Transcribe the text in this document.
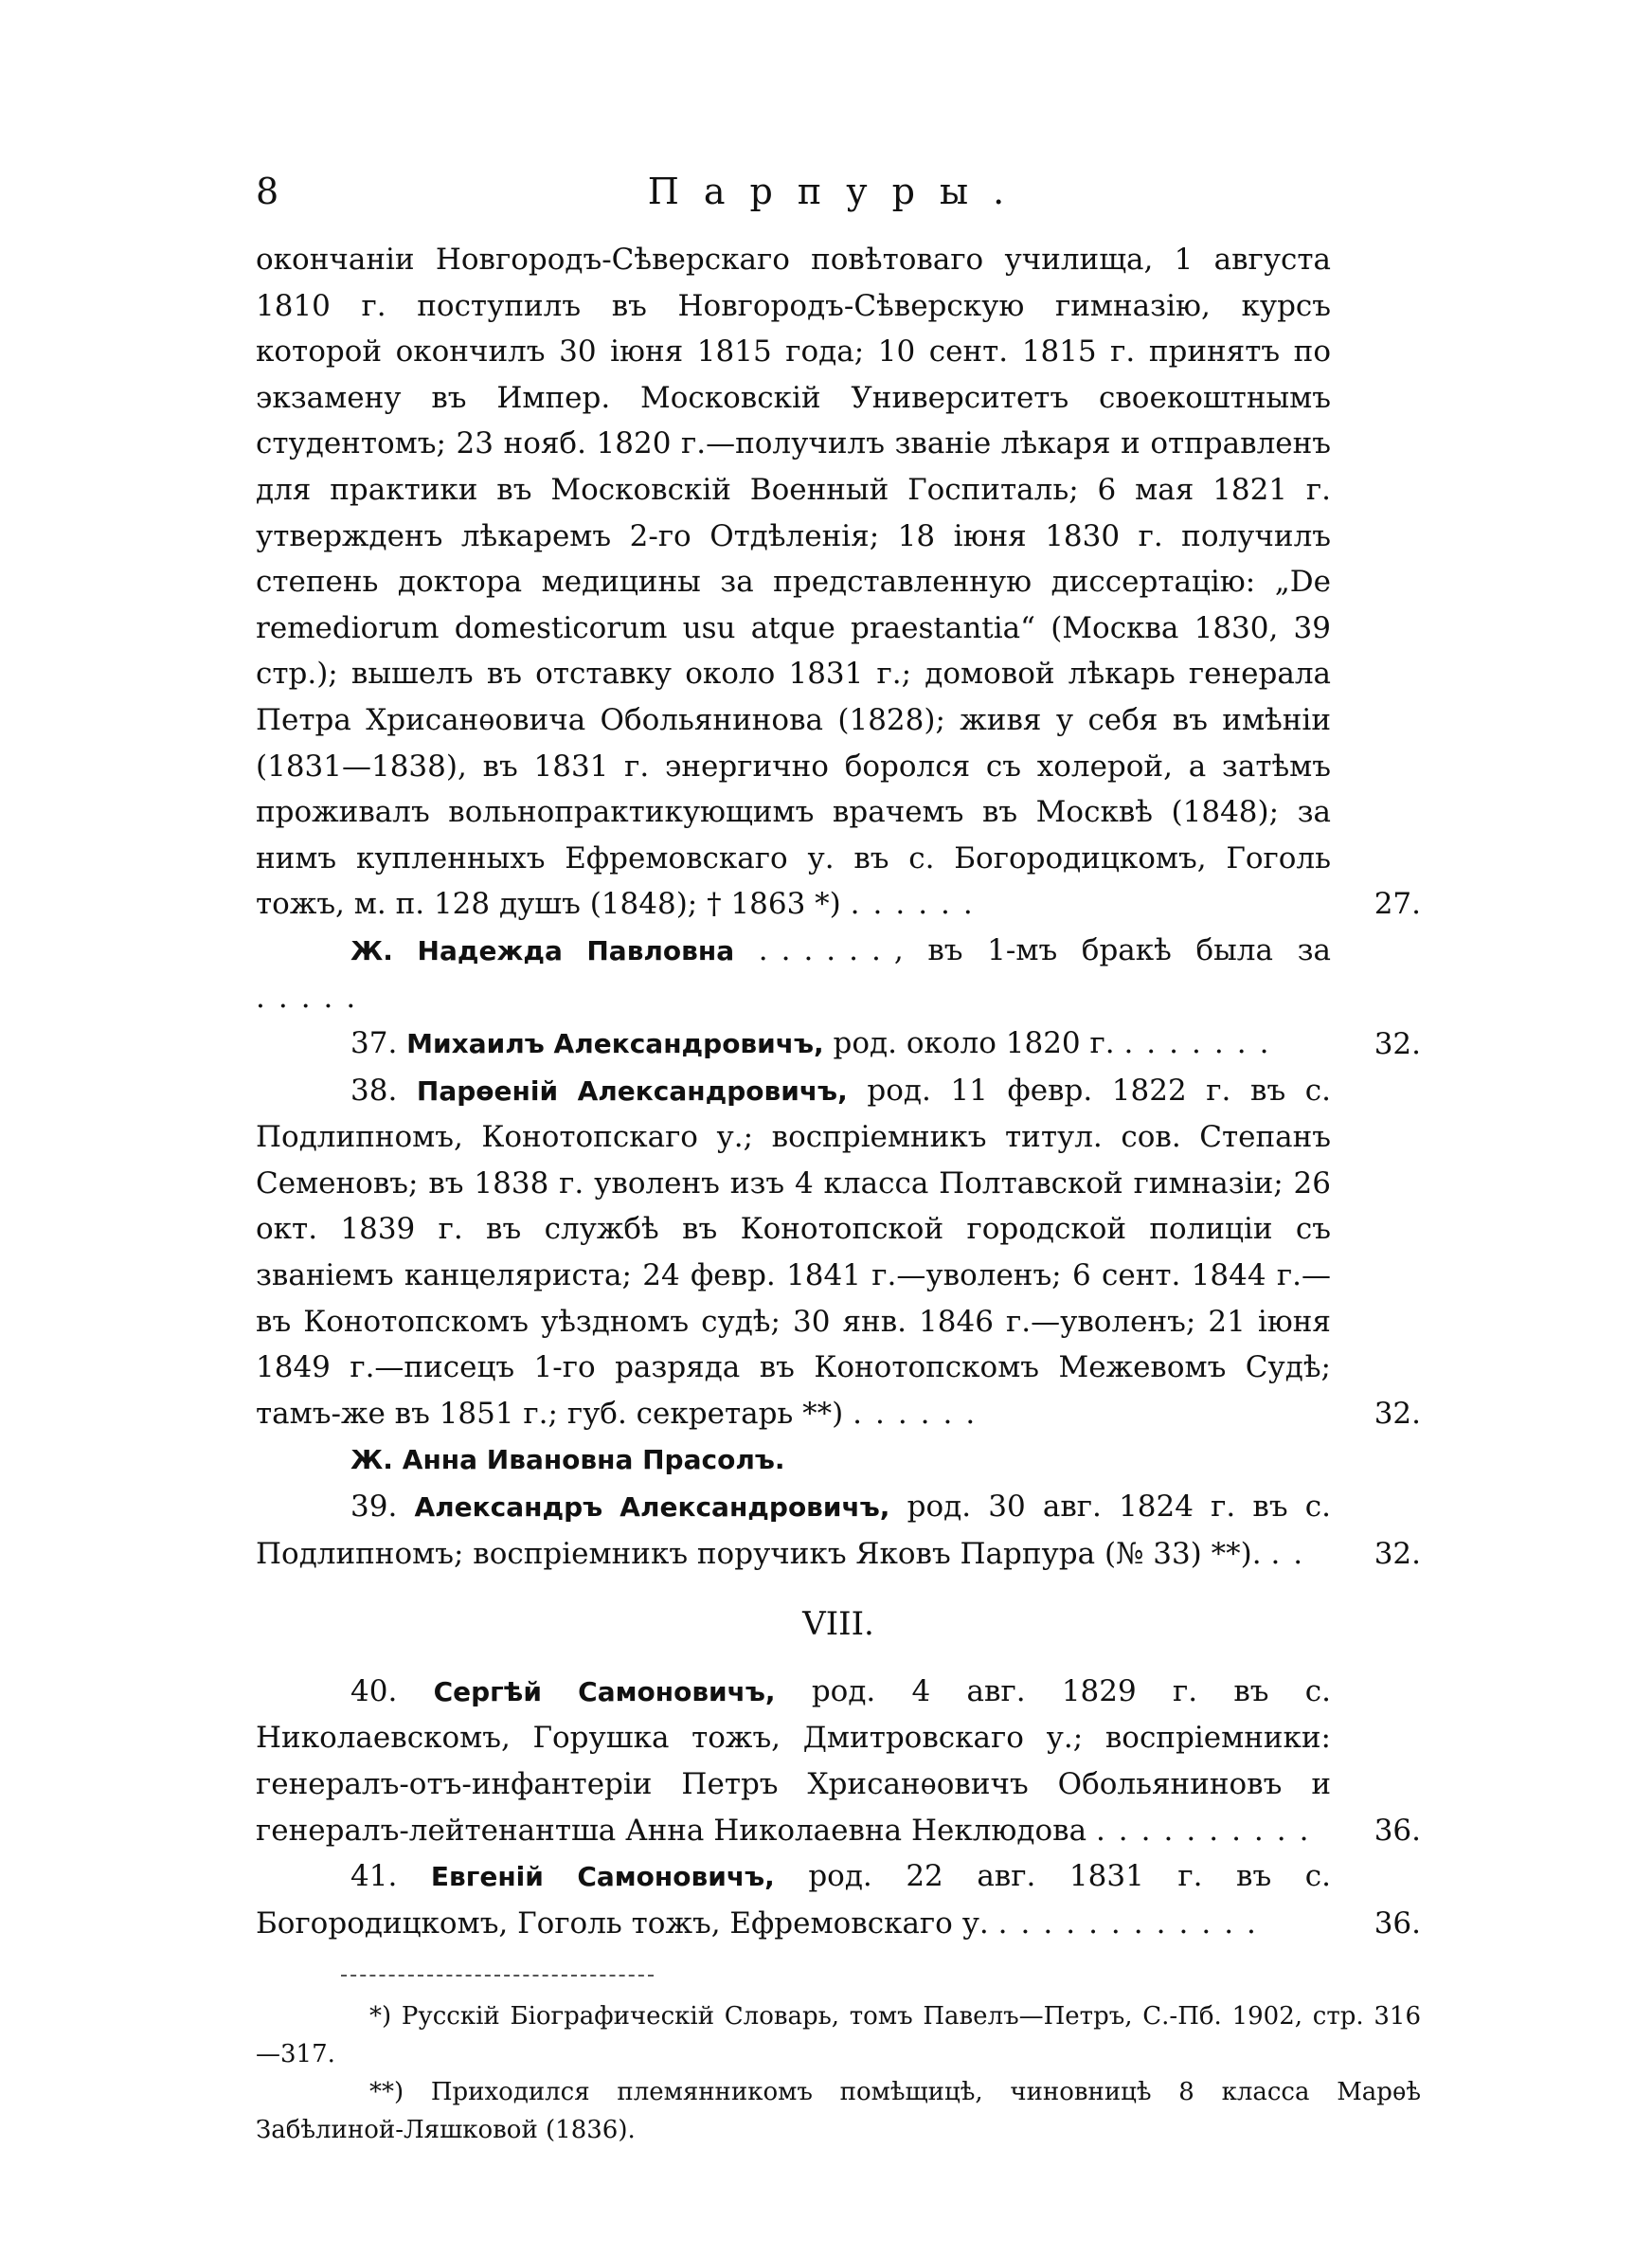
8	Парпуры.
окончаніи Новгородъ-Сѣверскаго повѣтоваго училища, 1 августа 1810 г. поступилъ въ Новгородъ-Сѣверскую гимназію, курсъ которой окончилъ 30 іюня 1815 года; 10 сент. 1815 г. принятъ по экзамену въ Импер. Московскій Университетъ своекоштнымъ студентомъ; 23 нояб. 1820 г.—получилъ званіе лѣкаря и отправленъ для практики въ Московскій Военный Госпиталь; 6 мая 1821 г. утвержденъ лѣкаремъ 2-го Отдѣленія; 18 іюня 1830 г. получилъ степень доктора медицины за представленную диссертацію: „De remediorum domesticorum usu atque praestantia“ (Москва 1830, 39 стр.); вышелъ въ отставку около 1831 г.; домовой лѣкарь генерала Петра Хрисанѳовича Обольянинова (1828); живя у себя въ имѣніи (1831—1838), въ 1831 г. энергично боролся съ холерой, а затѣмъ проживалъ вольнопрактикующимъ врачемъ въ Москвѣ (1848); за нимъ купленныхъ Ефремовскаго у. въ с. Богородицкомъ, Гоголь тожъ, м. п. 128 душъ (1848); † 1863 *) ......	27.
Ж. Надежда Павловна ......, въ 1-мъ бракѣ была за .....
37. Михаилъ Александровичъ, род. около 1820 г. .......	32.
38. Парѳеній Александровичъ, род. 11 февр. 1822 г. въ с. Подлипномъ, Конотопскаго у.; воспріемникъ титул. сов. Степанъ Семеновъ; въ 1838 г. уволенъ изъ 4 класса Полтавской гимназіи; 26 окт. 1839 г. въ службѣ въ Конотопской городской полиціи съ званіемъ канцеляриста; 24 февр. 1841 г.—уволенъ; 6 сент. 1844 г.—въ Конотопскомъ уѣздномъ судѣ; 30 янв. 1846 г.—уволенъ; 21 іюня 1849 г.—писецъ 1-го разряда въ Конотопскомъ Межевомъ Судѣ; тамъ-же въ 1851 г.; губ. секретарь **) ......	32.
Ж. Анна Ивановна Прасолъ.
39. Александръ Александровичъ, род. 30 авг. 1824 г. въ с. Подлипномъ; воспріемникъ поручикъ Яковъ Парпура (№ 33) **). ..	32.
VIII.
40. Сергѣй Самоновичъ, род. 4 авг. 1829 г. въ с. Николаевскомъ, Горушка тожъ, Дмитровскаго у.; воспріемники: генералъ-отъ-инфантеріи Петръ Хрисанѳовичъ Обольяниновъ и генералъ-лейтенантша Анна Николаевна Неклюдова ..........	36.
41. Евгеній Самоновичъ, род. 22 авг. 1831 г. въ с. Богородицкомъ, Гоголь тожъ, Ефремовскаго у. ............	36.

*) Русскій Біографическій Словарь, томъ Павелъ—Петръ, С.-Пб. 1902, стр. 316—317.

**) Приходился племянникомъ помѣщицѣ, чиновницѣ 8 класса Марѳѣ Забѣлиной-Ляшковой (1836).
